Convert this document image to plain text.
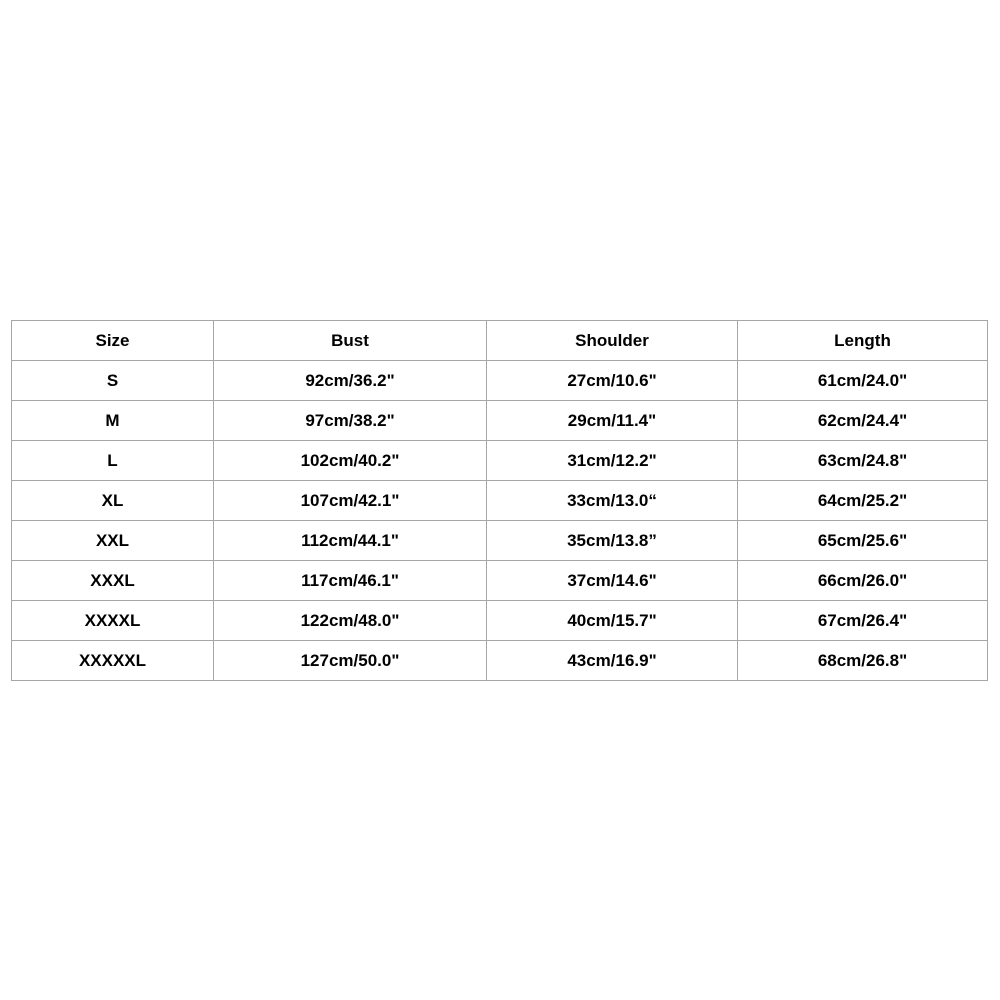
Size	Bust	Shoulder	Length
S	92cm/36.2"	27cm/10.6"	61cm/24.0"
M	97cm/38.2"	29cm/11.4"	62cm/24.4"
L	102cm/40.2"	31cm/12.2"	63cm/24.8"
XL	107cm/42.1"	33cm/13.0“	64cm/25.2"
XXL	112cm/44.1"	35cm/13.8”	65cm/25.6"
XXXL	117cm/46.1"	37cm/14.6"	66cm/26.0"
XXXXL	122cm/48.0"	40cm/15.7"	67cm/26.4"
XXXXXL	127cm/50.0"	43cm/16.9"	68cm/26.8"
